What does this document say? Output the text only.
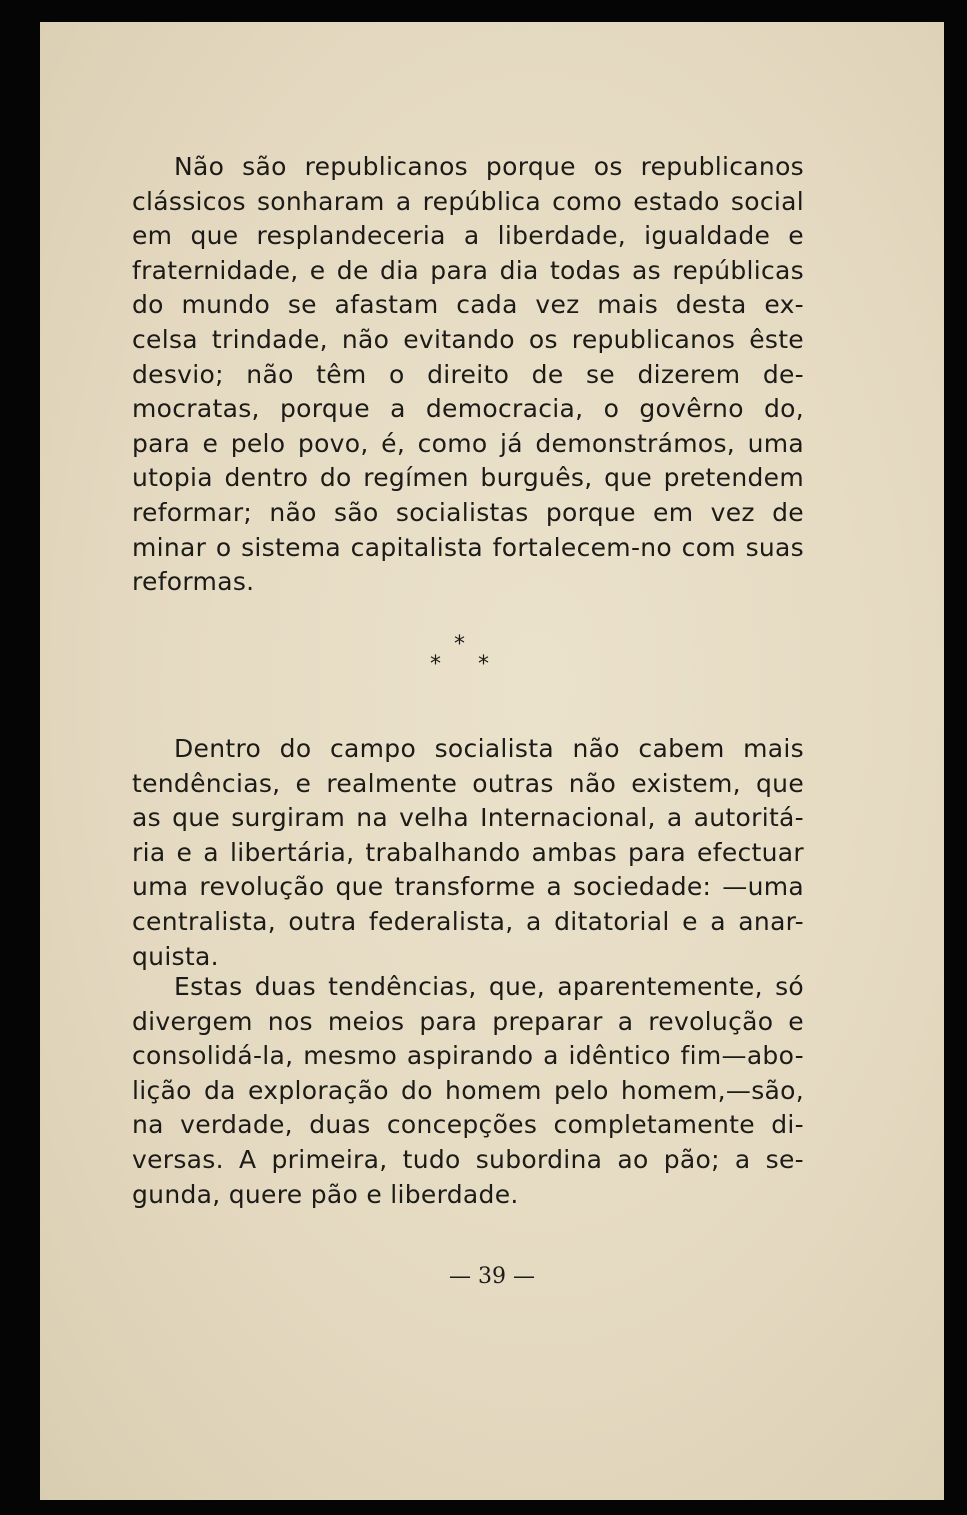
Não são republicanos porque os republicanos
clássicos sonharam a república como estado social
em que resplandeceria a liberdade, igualdade e
fraternidade, e de dia para dia todas as repúblicas
do mundo se afastam cada vez mais desta ex-
celsa trindade, não evitando os republicanos êste
desvio; não têm o direito de se dizerem de-
mocratas, porque a democracia, o govêrno do,
para e pelo povo, é, como já demonstrámos, uma
utopia dentro do regímen burguês, que pretendem
reformar; não são socialistas porque em vez de
minar o sistema capitalista fortalecem-no com suas
reformas.
*
* *
Dentro do campo socialista não cabem mais
tendências, e realmente outras não existem, que
as que surgiram na velha Internacional, a autoritá-
ria e a libertária, trabalhando ambas para efectuar
uma revolução que transforme a sociedade: —uma
centralista, outra federalista, a ditatorial e a anar-
quista.
Estas duas tendências, que, aparentemente, só
divergem nos meios para preparar a revolução e
consolidá-la, mesmo aspirando a idêntico fim—abo-
lição da exploração do homem pelo homem,—são,
na verdade, duas concepções completamente di-
versas. A primeira, tudo subordina ao pão; a se-
gunda, quere pão e liberdade.
— 39 —
